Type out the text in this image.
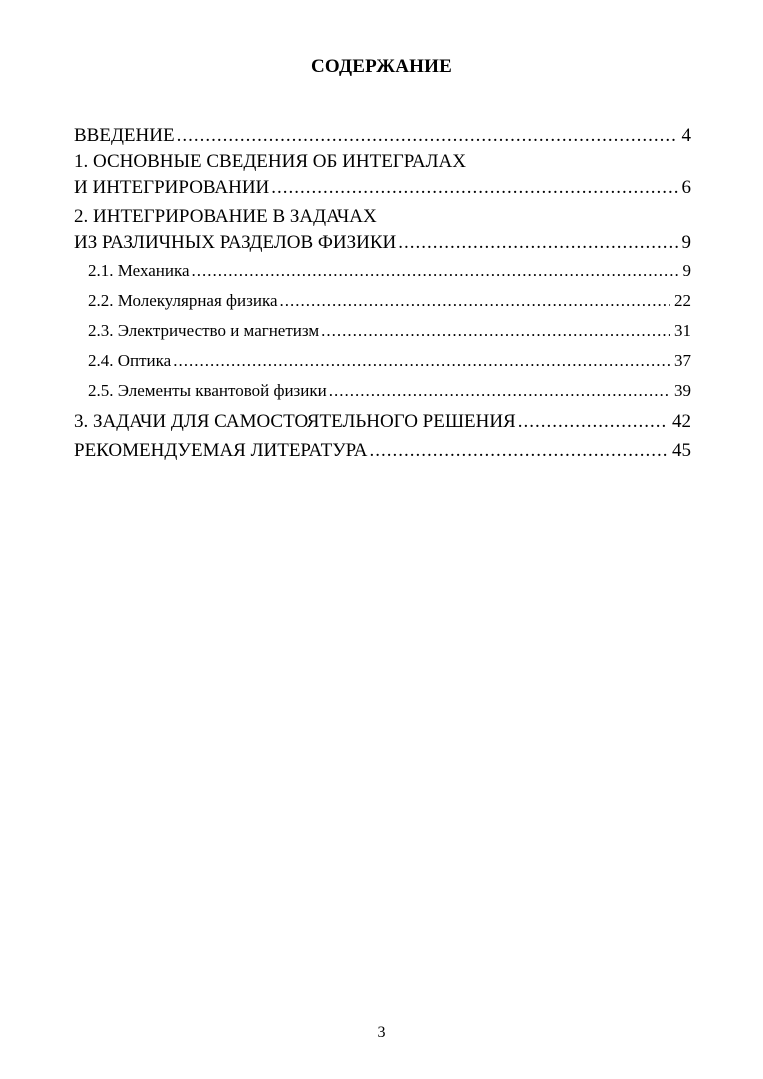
СОДЕРЖАНИЕ
ВВЕДЕНИЕ .....	4
1. ОСНОВНЫЕ СВЕДЕНИЯ ОБ ИНТЕГРАЛАХ
И ИНТЕГРИРОВАНИИ .....	6
2. ИНТЕГРИРОВАНИЕ В ЗАДАЧАХ
ИЗ РАЗЛИЧНЫХ РАЗДЕЛОВ ФИЗИКИ .....	9
2.1. Механика .....	9
2.2. Молекулярная физика .....	22
2.3. Электричество и магнетизм .....	31
2.4. Оптика .....	37
2.5. Элементы квантовой физики .....	39
3. ЗАДАЧИ ДЛЯ САМОСТОЯТЕЛЬНОГО РЕШЕНИЯ .....	42
РЕКОМЕНДУЕМАЯ ЛИТЕРАТУРА .....	45
3
